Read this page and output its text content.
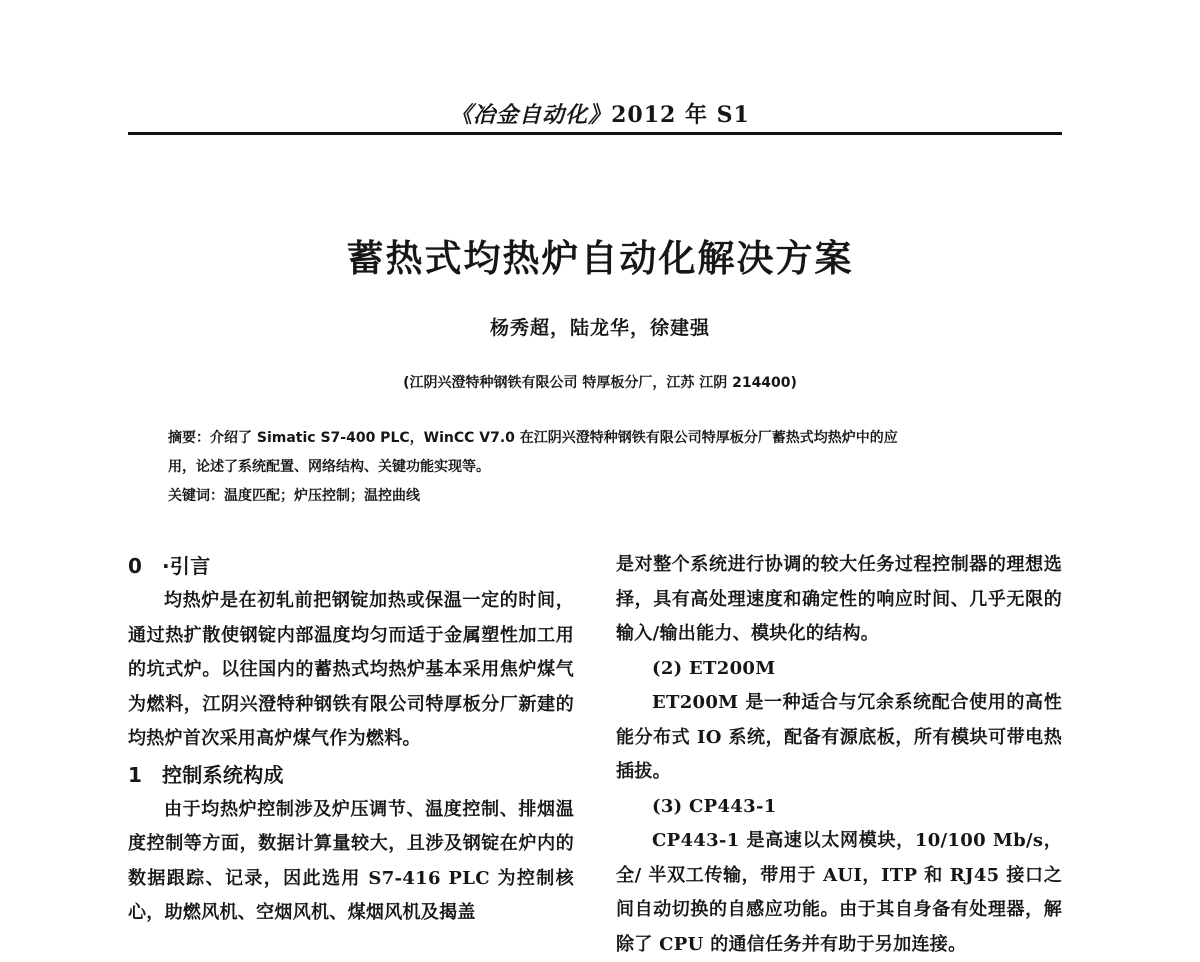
《冶金自动化》2012 年 S1
蓄热式均热炉自动化解决方案
杨秀超，陆龙华，徐建强
(江阴兴澄特种钢铁有限公司 特厚板分厂，江苏 江阴 214400)

摘要：介绍了 Simatic S7-400 PLC，WinCC V7.0 在江阴兴澄特种钢铁有限公司特厚板分厂蓄热式均热炉中的应

用，论述了系统配置、网络结构、关键功能实现等。

关键词：温度匹配；炉压控制；温控曲线

0 ·引言

均热炉是在初轧前把钢锭加热或保温一定的时间，通过热扩散使钢锭内部温度均匀而适于金属塑性加工用的坑式炉。以往国内的蓄热式均热炉基本采用焦炉煤气为燃料，江阴兴澄特种钢铁有限公司特厚板分厂新建的均热炉首次采用高炉煤气作为燃料。

1 控制系统构成

由于均热炉控制涉及炉压调节、温度控制、排烟温度控制等方面，数据计算量较大，且涉及钢锭在炉内的数据跟踪、记录，因此选用 S7-416 PLC 为控制核心，助燃风机、空烟风机、煤烟风机及揭盖

是对整个系统进行协调的较大任务过程控制器的理想选择，具有高处理速度和确定性的响应时间、几乎无限的输入/输出能力、模块化的结构。

(2) ET200M

ET200M 是一种适合与冗余系统配合使用的高性能分布式 IO 系统，配备有源底板，所有模块可带电热插拔。

(3) CP443-1

CP443-1 是高速以太网模块，10/100 Mb/s，全/ 半双工传输，带用于 AUI，ITP 和 RJ45 接口之间自动切换的自感应功能。由于其自身备有处理器，解除了 CPU 的通信任务并有助于另加连接。
